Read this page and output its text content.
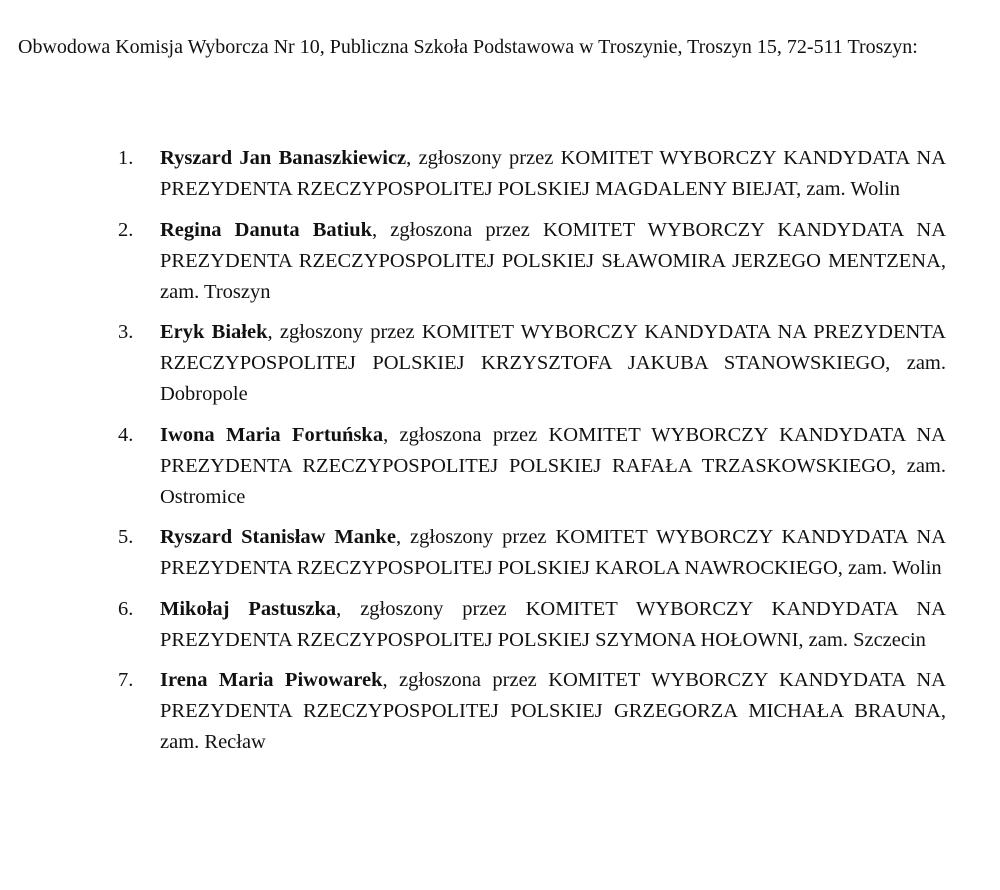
Obwodowa Komisja Wyborcza Nr 10, Publiczna Szkoła Podstawowa w Troszynie, Troszyn 15, 72-511 Troszyn:
1. Ryszard Jan Banaszkiewicz, zgłoszony przez KOMITET WYBORCZY KANDYDATA NA PREZYDENTA RZECZYPOSPOLITEJ POLSKIEJ MAGDALENY BIEJAT, zam. Wolin
2. Regina Danuta Batiuk, zgłoszona przez KOMITET WYBORCZY KANDYDATA NA PREZYDENTA RZECZYPOSPOLITEJ POLSKIEJ SŁAWOMIRA JERZEGO MENTZENA, zam. Troszyn
3. Eryk Białek, zgłoszony przez KOMITET WYBORCZY KANDYDATA NA PREZYDENTA RZECZYPOSPOLITEJ POLSKIEJ KRZYSZTOFA JAKUBA STANOWSKIEGO, zam. Dobropole
4. Iwona Maria Fortuńska, zgłoszona przez KOMITET WYBORCZY KANDYDATA NA PREZYDENTA RZECZYPOSPOLITEJ POLSKIEJ RAFAŁA TRZASKOWSKIEGO, zam. Ostromice
5. Ryszard Stanisław Manke, zgłoszony przez KOMITET WYBORCZY KANDYDATA NA PREZYDENTA RZECZYPOSPOLITEJ POLSKIEJ KAROLA NAWROCKIEGO, zam. Wolin
6. Mikołaj Pastuszka, zgłoszony przez KOMITET WYBORCZY KANDYDATA NA PREZYDENTA RZECZYPOSPOLITEJ POLSKIEJ SZYMONA HOŁOWNI, zam. Szczecin
7. Irena Maria Piwowarek, zgłoszona przez KOMITET WYBORCZY KANDYDATA NA PREZYDENTA RZECZYPOSPOLITEJ POLSKIEJ GRZEGORZA MICHAŁA BRAUNA, zam. Recław
